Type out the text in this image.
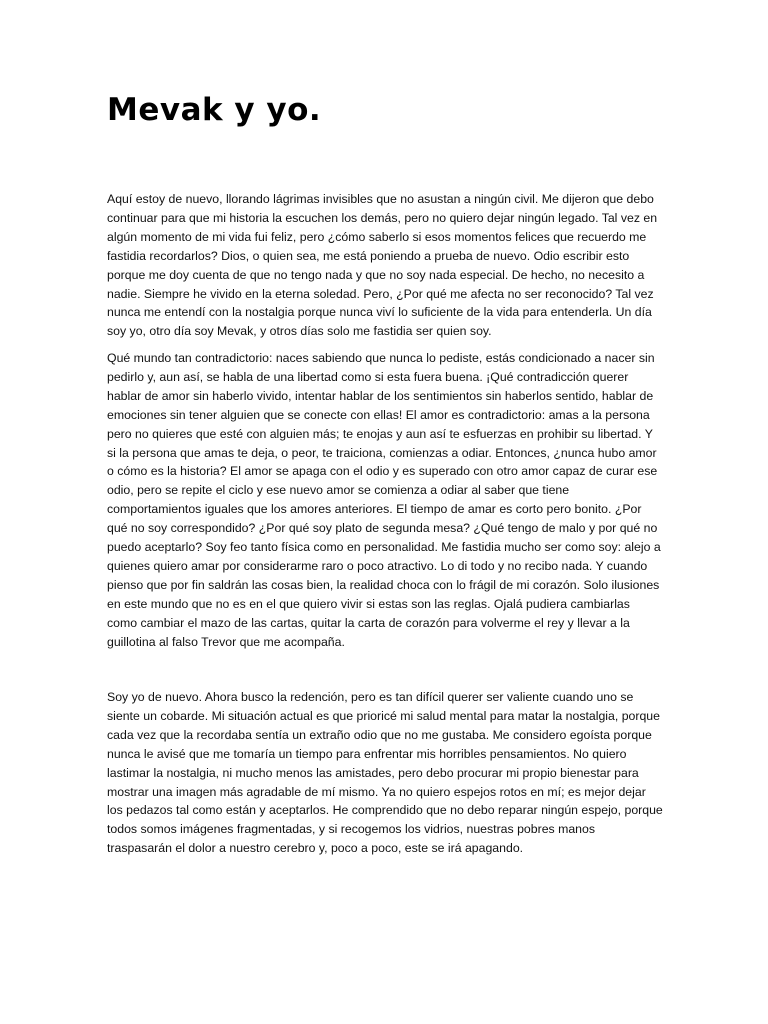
Mevak y yo.

Aquí estoy de nuevo, llorando lágrimas invisibles que no asustan a ningún civil. Me dijeron que debo continuar para que mi historia la escuchen los demás, pero no quiero dejar ningún legado. Tal vez en algún momento de mi vida fui feliz, pero ¿cómo saberlo si esos momentos felices que recuerdo me fastidia recordarlos? Dios, o quien sea, me está poniendo a prueba de nuevo. Odio escribir esto porque me doy cuenta de que no tengo nada y que no soy nada especial. De hecho, no necesito a nadie. Siempre he vivido en la eterna soledad. Pero, ¿Por qué me afecta no ser reconocido? Tal vez nunca me entendí con la nostalgia porque nunca viví lo suficiente de la vida para entenderla. Un día soy yo, otro día soy Mevak, y otros días solo me fastidia ser quien soy.

Qué mundo tan contradictorio: naces sabiendo que nunca lo pediste, estás condicionado a nacer sin pedirlo y, aun así, se habla de una libertad como si esta fuera buena. ¡Qué contradicción querer hablar de amor sin haberlo vivido, intentar hablar de los sentimientos sin haberlos sentido, hablar de emociones sin tener alguien que se conecte con ellas! El amor es contradictorio: amas a la persona pero no quieres que esté con alguien más; te enojas y aun así te esfuerzas en prohibir su libertad. Y si la persona que amas te deja, o peor, te traiciona, comienzas a odiar. Entonces, ¿nunca hubo amor o cómo es la historia? El amor se apaga con el odio y es superado con otro amor capaz de curar ese odio, pero se repite el ciclo y ese nuevo amor se comienza a odiar al saber que tiene comportamientos iguales que los amores anteriores. El tiempo de amar es corto pero bonito. ¿Por qué no soy correspondido? ¿Por qué soy plato de segunda mesa? ¿Qué tengo de malo y por qué no puedo aceptarlo? Soy feo tanto física como en personalidad. Me fastidia mucho ser como soy: alejo a quienes quiero amar por considerarme raro o poco atractivo. Lo di todo y no recibo nada. Y cuando pienso que por fin saldrán las cosas bien, la realidad choca con lo frágil de mi corazón. Solo ilusiones en este mundo que no es en el que quiero vivir si estas son las reglas. Ojalá pudiera cambiarlas como cambiar el mazo de las cartas, quitar la carta de corazón para volverme el rey y llevar a la guillotina al falso Trevor que me acompaña.

Soy yo de nuevo. Ahora busco la redención, pero es tan difícil querer ser valiente cuando uno se siente un cobarde. Mi situación actual es que prioricé mi salud mental para matar la nostalgia, porque cada vez que la recordaba sentía un extraño odio que no me gustaba. Me considero egoísta porque nunca le avisé que me tomaría un tiempo para enfrentar mis horribles pensamientos. No quiero lastimar la nostalgia, ni mucho menos las amistades, pero debo procurar mi propio bienestar para mostrar una imagen más agradable de mí mismo. Ya no quiero espejos rotos en mí; es mejor dejar los pedazos tal como están y aceptarlos. He comprendido que no debo reparar ningún espejo, porque todos somos imágenes fragmentadas, y si recogemos los vidrios, nuestras pobres manos traspasarán el dolor a nuestro cerebro y, poco a poco, este se irá apagando.
